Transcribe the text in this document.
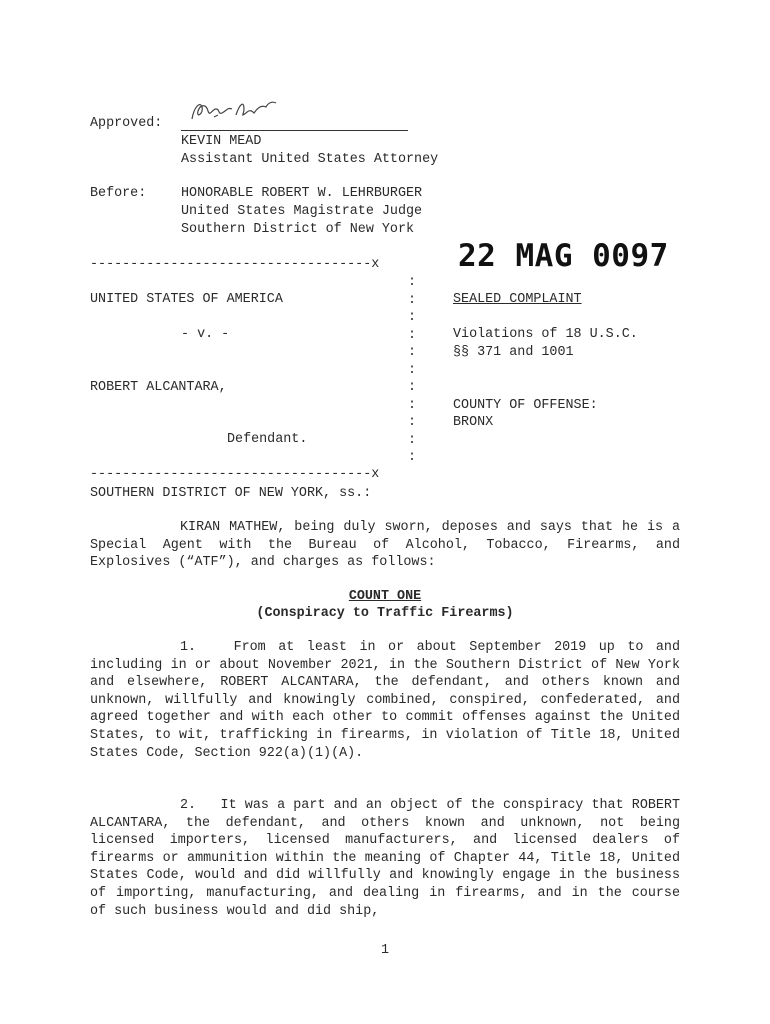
Approved:
KEVIN MEAD
Assistant United States Attorney
Before:	HONORABLE ROBERT W. LEHRBURGER
United States Magistrate Judge
Southern District of New York
22 MAG 0097
-----------------------------------x
:
:
:
:
:
:
:
:
:
:
:
UNITED STATES OF AMERICA
- v. -
ROBERT ALCANTARA,
Defendant.
SEALED COMPLAINT
Violations of 18 U.S.C.
§§ 371 and 1001
COUNTY OF OFFENSE:
BRONX
-----------------------------------x
SOUTHERN DISTRICT OF NEW YORK, ss.:
KIRAN MATHEW, being duly sworn, deposes and says that he is a Special Agent with the Bureau of Alcohol, Tobacco, Firearms, and Explosives (“ATF”), and charges as follows:
COUNT ONE
(Conspiracy to Traffic Firearms)
1.   From at least in or about September 2019 up to and including in or about November 2021, in the Southern District of New York and elsewhere, ROBERT ALCANTARA, the defendant, and others known and unknown, willfully and knowingly combined, conspired, confederated, and agreed together and with each other to commit offenses against the United States, to wit, trafficking in firearms, in violation of Title 18, United States Code, Section 922(a)(1)(A).
2.   It was a part and an object of the conspiracy that ROBERT ALCANTARA, the defendant, and others known and unknown, not being licensed importers, licensed manufacturers, and licensed dealers of firearms or ammunition within the meaning of Chapter 44, Title 18, United States Code, would and did willfully and knowingly engage in the business of importing, manufacturing, and dealing in firearms, and in the course of such business would and did ship,
1
